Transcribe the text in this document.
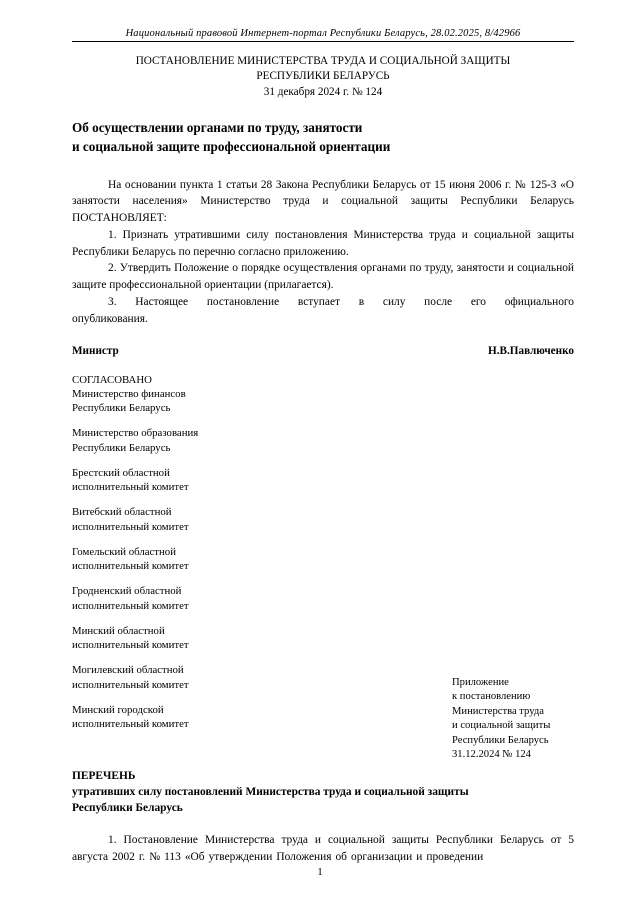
Национальный правовой Интернет-портал Республики Беларусь, 28.02.2025, 8/42966
ПОСТАНОВЛЕНИЕ МИНИСТЕРСТВА ТРУДА И СОЦИАЛЬНОЙ ЗАЩИТЫ
РЕСПУБЛИКИ БЕЛАРУСЬ
31 декабря 2024 г. № 124
Об осуществлении органами по труду, занятости
и социальной защите профессиональной ориентации

На основании пункта 1 статьи 28 Закона Республики Беларусь от 15 июня 2006 г. № 125-З «О занятости населения» Министерство труда и социальной защиты Республики Беларусь ПОСТАНОВЛЯЕТ:

1. Признать утратившими силу постановления Министерства труда и социальной защиты Республики Беларусь по перечню согласно приложению.

2. Утвердить Положение о порядке осуществления органами по труду, занятости и социальной защите профессиональной ориентации (прилагается).

3. Настоящее постановление вступает в силу после его официального опубликования.

Министр	Н.В.Павлюченко
СОГЛАСОВАНО
Министерство финансов
Республики Беларусь
Министерство образования
Республики Беларусь
Брестский областной
исполнительный комитет
Витебский областной
исполнительный комитет
Гомельский областной
исполнительный комитет
Гродненский областной
исполнительный комитет
Минский областной
исполнительный комитет
Могилевский областной
исполнительный комитет
Минский городской
исполнительный комитет
Приложение
к постановлению
Министерства труда
и социальной защиты
Республики Беларусь
31.12.2024 № 124
ПЕРЕЧЕНЬ
утративших силу постановлений Министерства труда и социальной защиты
Республики Беларусь

1. Постановление Министерства труда и социальной защиты Республики Беларусь от 5 августа 2002 г. № 113 «Об утверждении Положения об организации и проведении

1
